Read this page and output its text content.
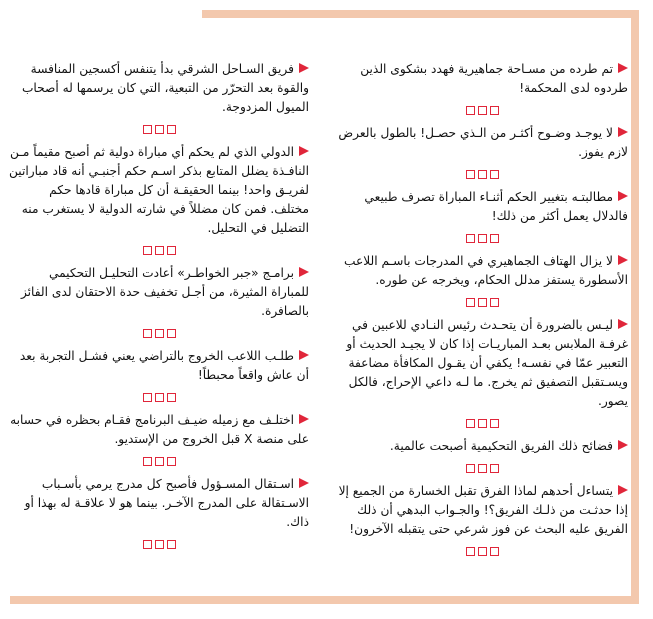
تم طرده من مسـاحة جماهيرية فهدد بشكوى الذين طردوه لدى المحكمة!

لا يوجـد وضـوح أكثـر من الـذي حصـل! بالطول بالعرض لازم يفوز.

مطالبتـه بتغيير الحكم أثنـاء المباراة تصرف طبيعي فالدلال يعمل أكثر من ذلك!

لا يزال الهتاف الجماهيري في المدرجات باسـم اللاعب الأسطورة يستفز مدلل الحكام، ويخرجه عن طوره.

ليـس بالضرورة أن يتحـدث رئيس النـادي للاعبين في غرفـة الملابس بعـد المباريـات إذا كان لا يجيـد الحديث أو التعبير عمّا في نفسـه! يكفي أن يقـول المكافأة مضاعفة ويسـتقبل التصفيق ثم يخرج. ما لـه داعي الإحراج، فالكل يصور.

فضائح ذلك الفريق التحكيمية أصبحت عالمية.

يتساءل أحدهم لماذا الفرق تقبل الخسارة من الجميع إلا إذا حدثـت من ذلـك الفريق؟! والجـواب البدهي أن ذلك الفريق عليه البحث عن فوز شرعي حتى يتقبله الآخرون!

فريق السـاحل الشرقي بدأ يتنفس أكسجين المنافسة والقوة بعد التحرّر من التبعية، التي كان يرسمها له أصحاب الميول المزدوجة.

الدولي الذي لم يحكم أي مباراة دولية ثم أصبح مقيماً مـن النافـذة يضلل المتابع بذكر اسـم حكم أجنبـي أنه قاد مباراتين لفريـق واحد! بينما الحقيقـة أن كل مباراة قادها حكم مختلف. فمن كان مضللاً في شارته الدولية لا يستغرب منه التضليل في التحليل.

برامـج «جبر الخواطـر» أعادت التحليـل التحكيمي للمباراة المثيرة، من أجـل تخفيف حدة الاحتقان لدى الفائز بالصافرة.

طلـب اللاعب الخروج بالتراضي يعني فشـل التجربة بعد أن عاش واقعاً محبطاً!

اختلـف مع زميله ضيـف البرنامج فقـام بحظره في حسابه على منصة X قبل الخروج من الإستديو.

اسـتقال المسـؤول فأصبح كل مدرج يرمي بأسـباب الاسـتقالة على المدرج الآخـر. بينما هو لا علاقـة له بهذا أو ذاك.
